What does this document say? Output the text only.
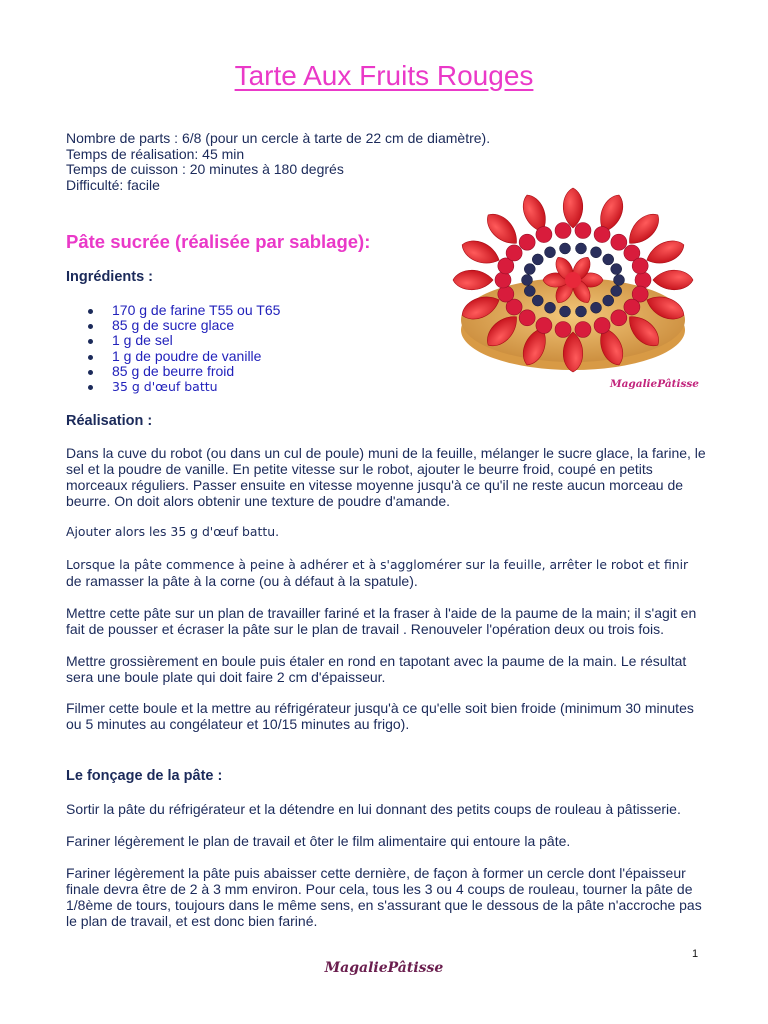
Tarte Aux Fruits Rouges
Nombre de parts : 6/8 (pour un cercle à tarte de 22 cm de diamètre).
Temps de réalisation: 45 min
Temps de cuisson : 20 minutes à 180 degrés
Difficulté: facile
Pâte sucrée (réalisée par sablage):
Ingrédients :
170 g de farine T55 ou T65
85 g de sucre glace
1 g de sel
1 g de poudre de vanille
85 g de beurre froid
35 g d'œuf battu	MagaliePâtisse
Réalisation :
Dans la cuve du robot (ou dans un cul de poule) muni de la feuille, mélanger le sucre glace, la farine, le sel et la poudre de vanille. En petite vitesse sur le robot, ajouter le beurre froid, coupé en petits morceaux réguliers. Passer ensuite en vitesse moyenne jusqu'à ce qu'il ne reste aucun morceau de beurre. On doit alors obtenir une texture de poudre d'amande.
Ajouter alors les 35 g d'œuf battu.
Lorsque la pâte commence à peine à adhérer et à s'agglomérer sur la feuille, arrêter le robot et finir
de ramasser la pâte à la corne (ou à défaut à la spatule).
Mettre cette pâte sur un plan de travailler fariné et la fraser à l'aide de la paume de la main; il s'agit en fait de pousser et écraser la pâte sur le plan de travail . Renouveler l'opération deux ou trois fois.
Mettre grossièrement en boule puis étaler en rond en tapotant avec la paume de la main. Le résultat sera une boule plate qui doit faire 2 cm d'épaisseur.
Filmer cette boule et la mettre au réfrigérateur jusqu'à ce qu'elle soit bien froide (minimum 30 minutes ou 5 minutes au congélateur et 10/15 minutes au frigo).
Le fonçage de la pâte :
Sortir la pâte du réfrigérateur et la détendre en lui donnant des petits coups de rouleau à pâtisserie.
Fariner légèrement le plan de travail et ôter le film alimentaire qui entoure la pâte.
Fariner légèrement la pâte puis abaisser cette dernière, de façon à former un cercle dont l'épaisseur finale devra être de 2 à 3 mm environ. Pour cela, tous les 3 ou 4 coups de rouleau, tourner la pâte de 1/8ème de tours, toujours dans le même sens, en s'assurant que le dessous de la pâte n'accroche pas le plan de travail, et est donc bien fariné.
1
MagaliePâtisse
